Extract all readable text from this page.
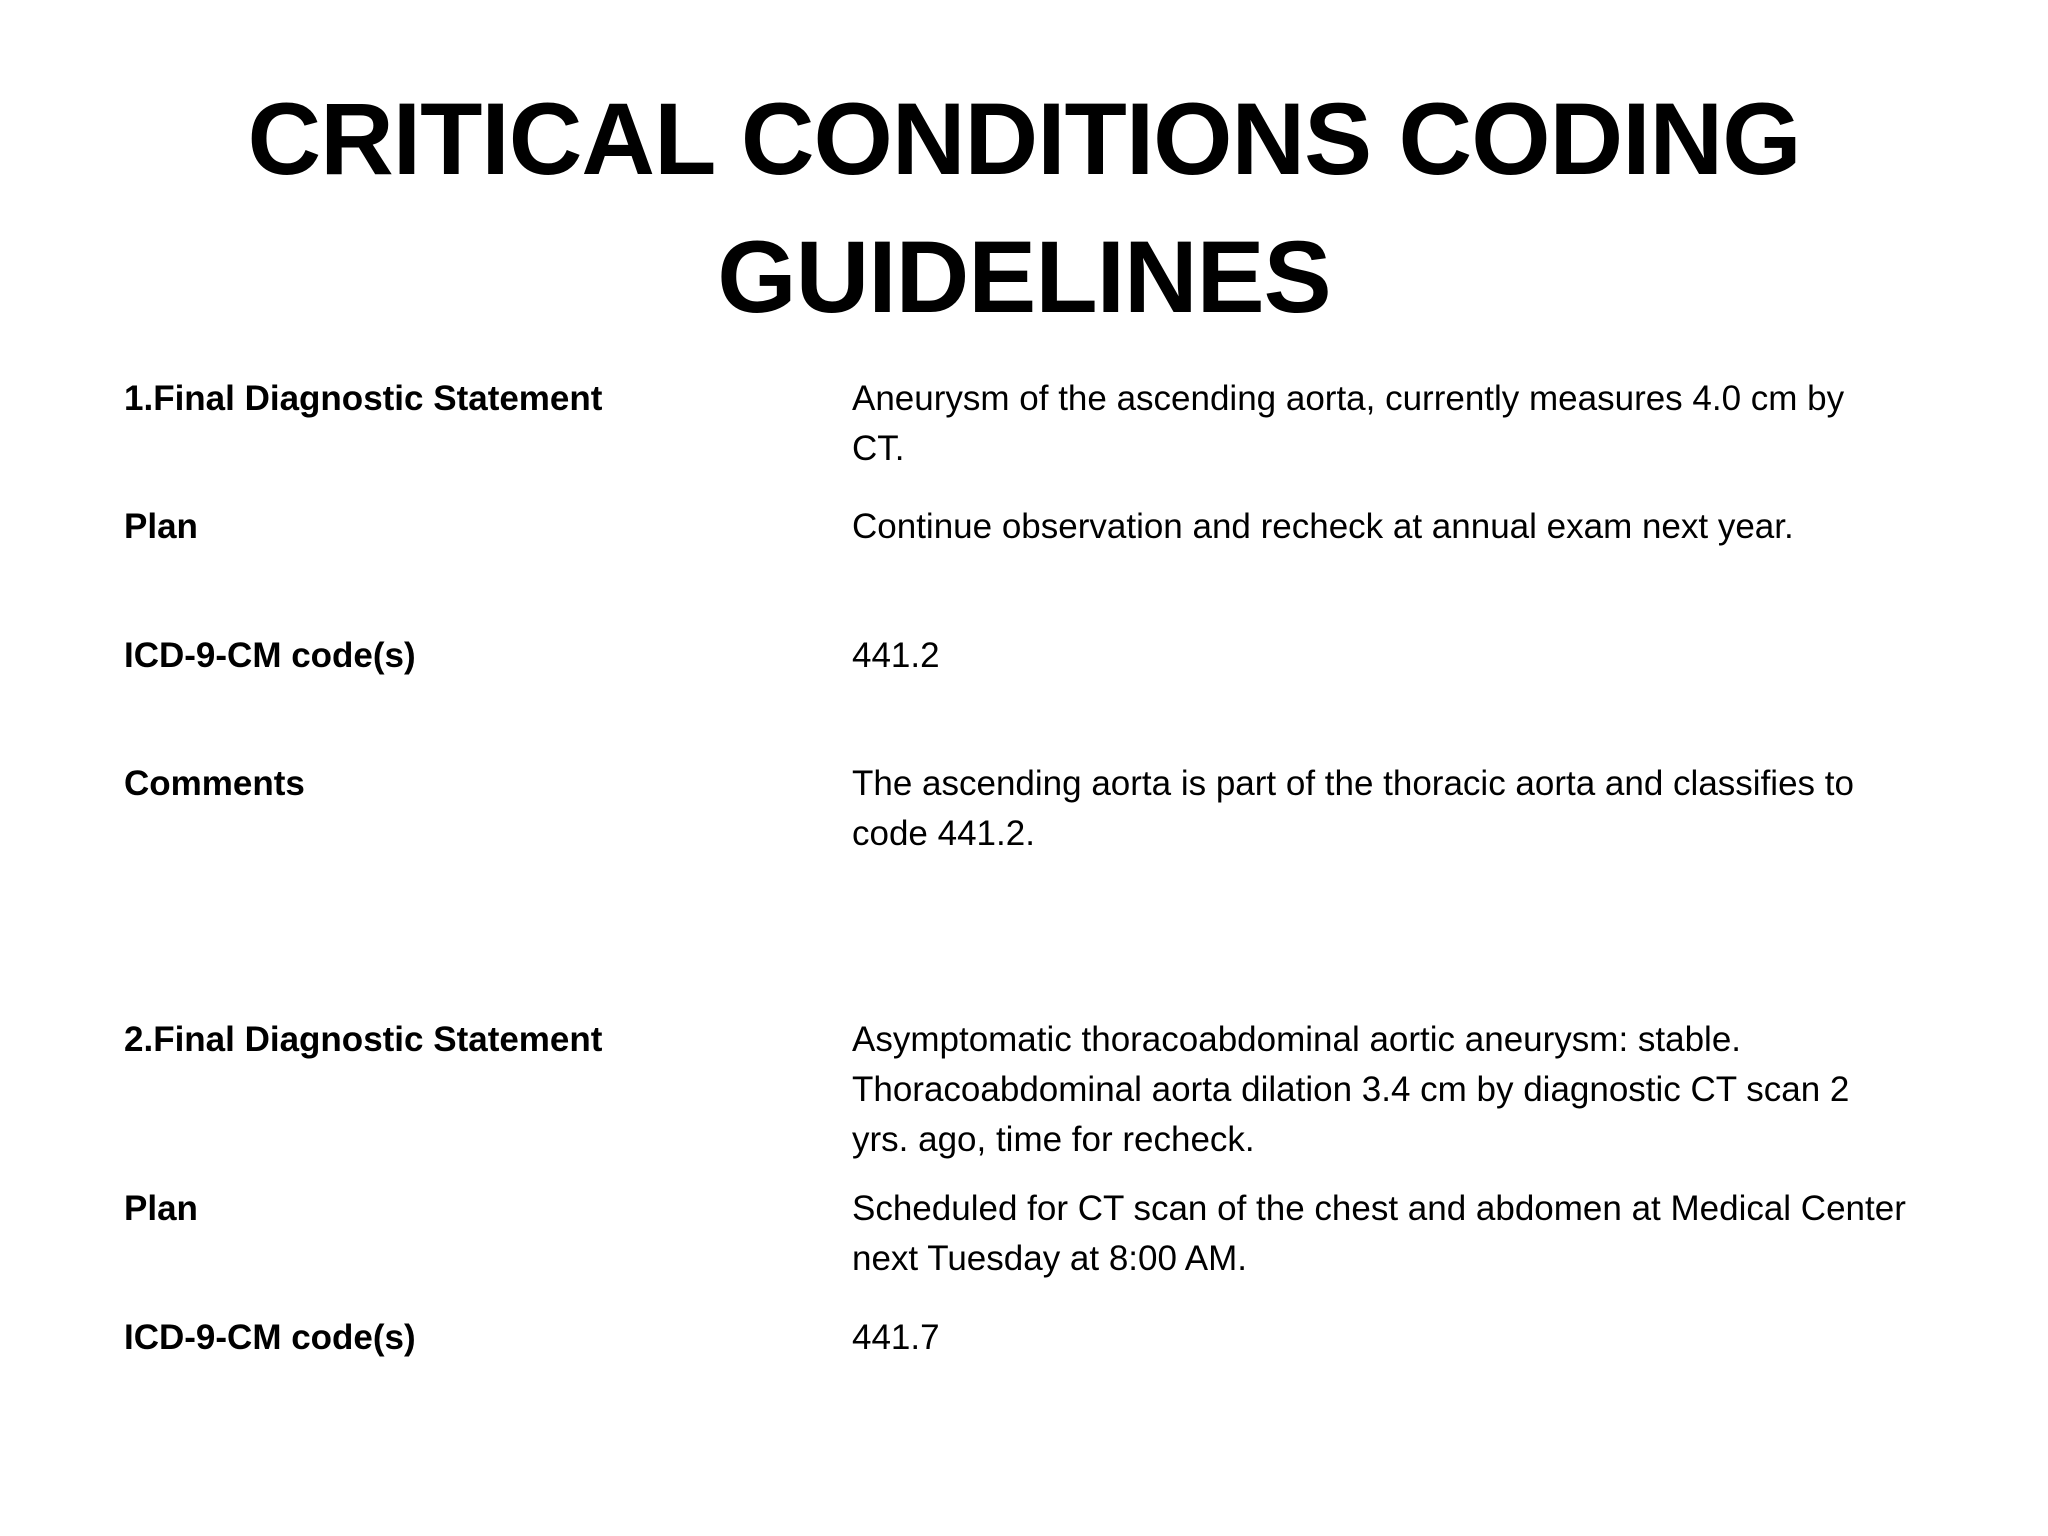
CRITICAL CONDITIONS CODING
GUIDELINES
1.Final Diagnostic Statement	Aneurysm of the ascending aorta, currently measures 4.0 cm by
CT.
Plan	Continue observation and recheck at annual exam next year.
ICD-9-CM code(s)	441.2
Comments	The ascending aorta is part of the thoracic aorta and classifies to
code 441.2.
2.Final Diagnostic Statement	Asymptomatic thoracoabdominal aortic aneurysm: stable.
Thoracoabdominal aorta dilation 3.4 cm by diagnostic CT scan 2
yrs. ago, time for recheck.
Plan	Scheduled for CT scan of the chest and abdomen at Medical Center
next Tuesday at 8:00 AM.
ICD-9-CM code(s)	441.7
